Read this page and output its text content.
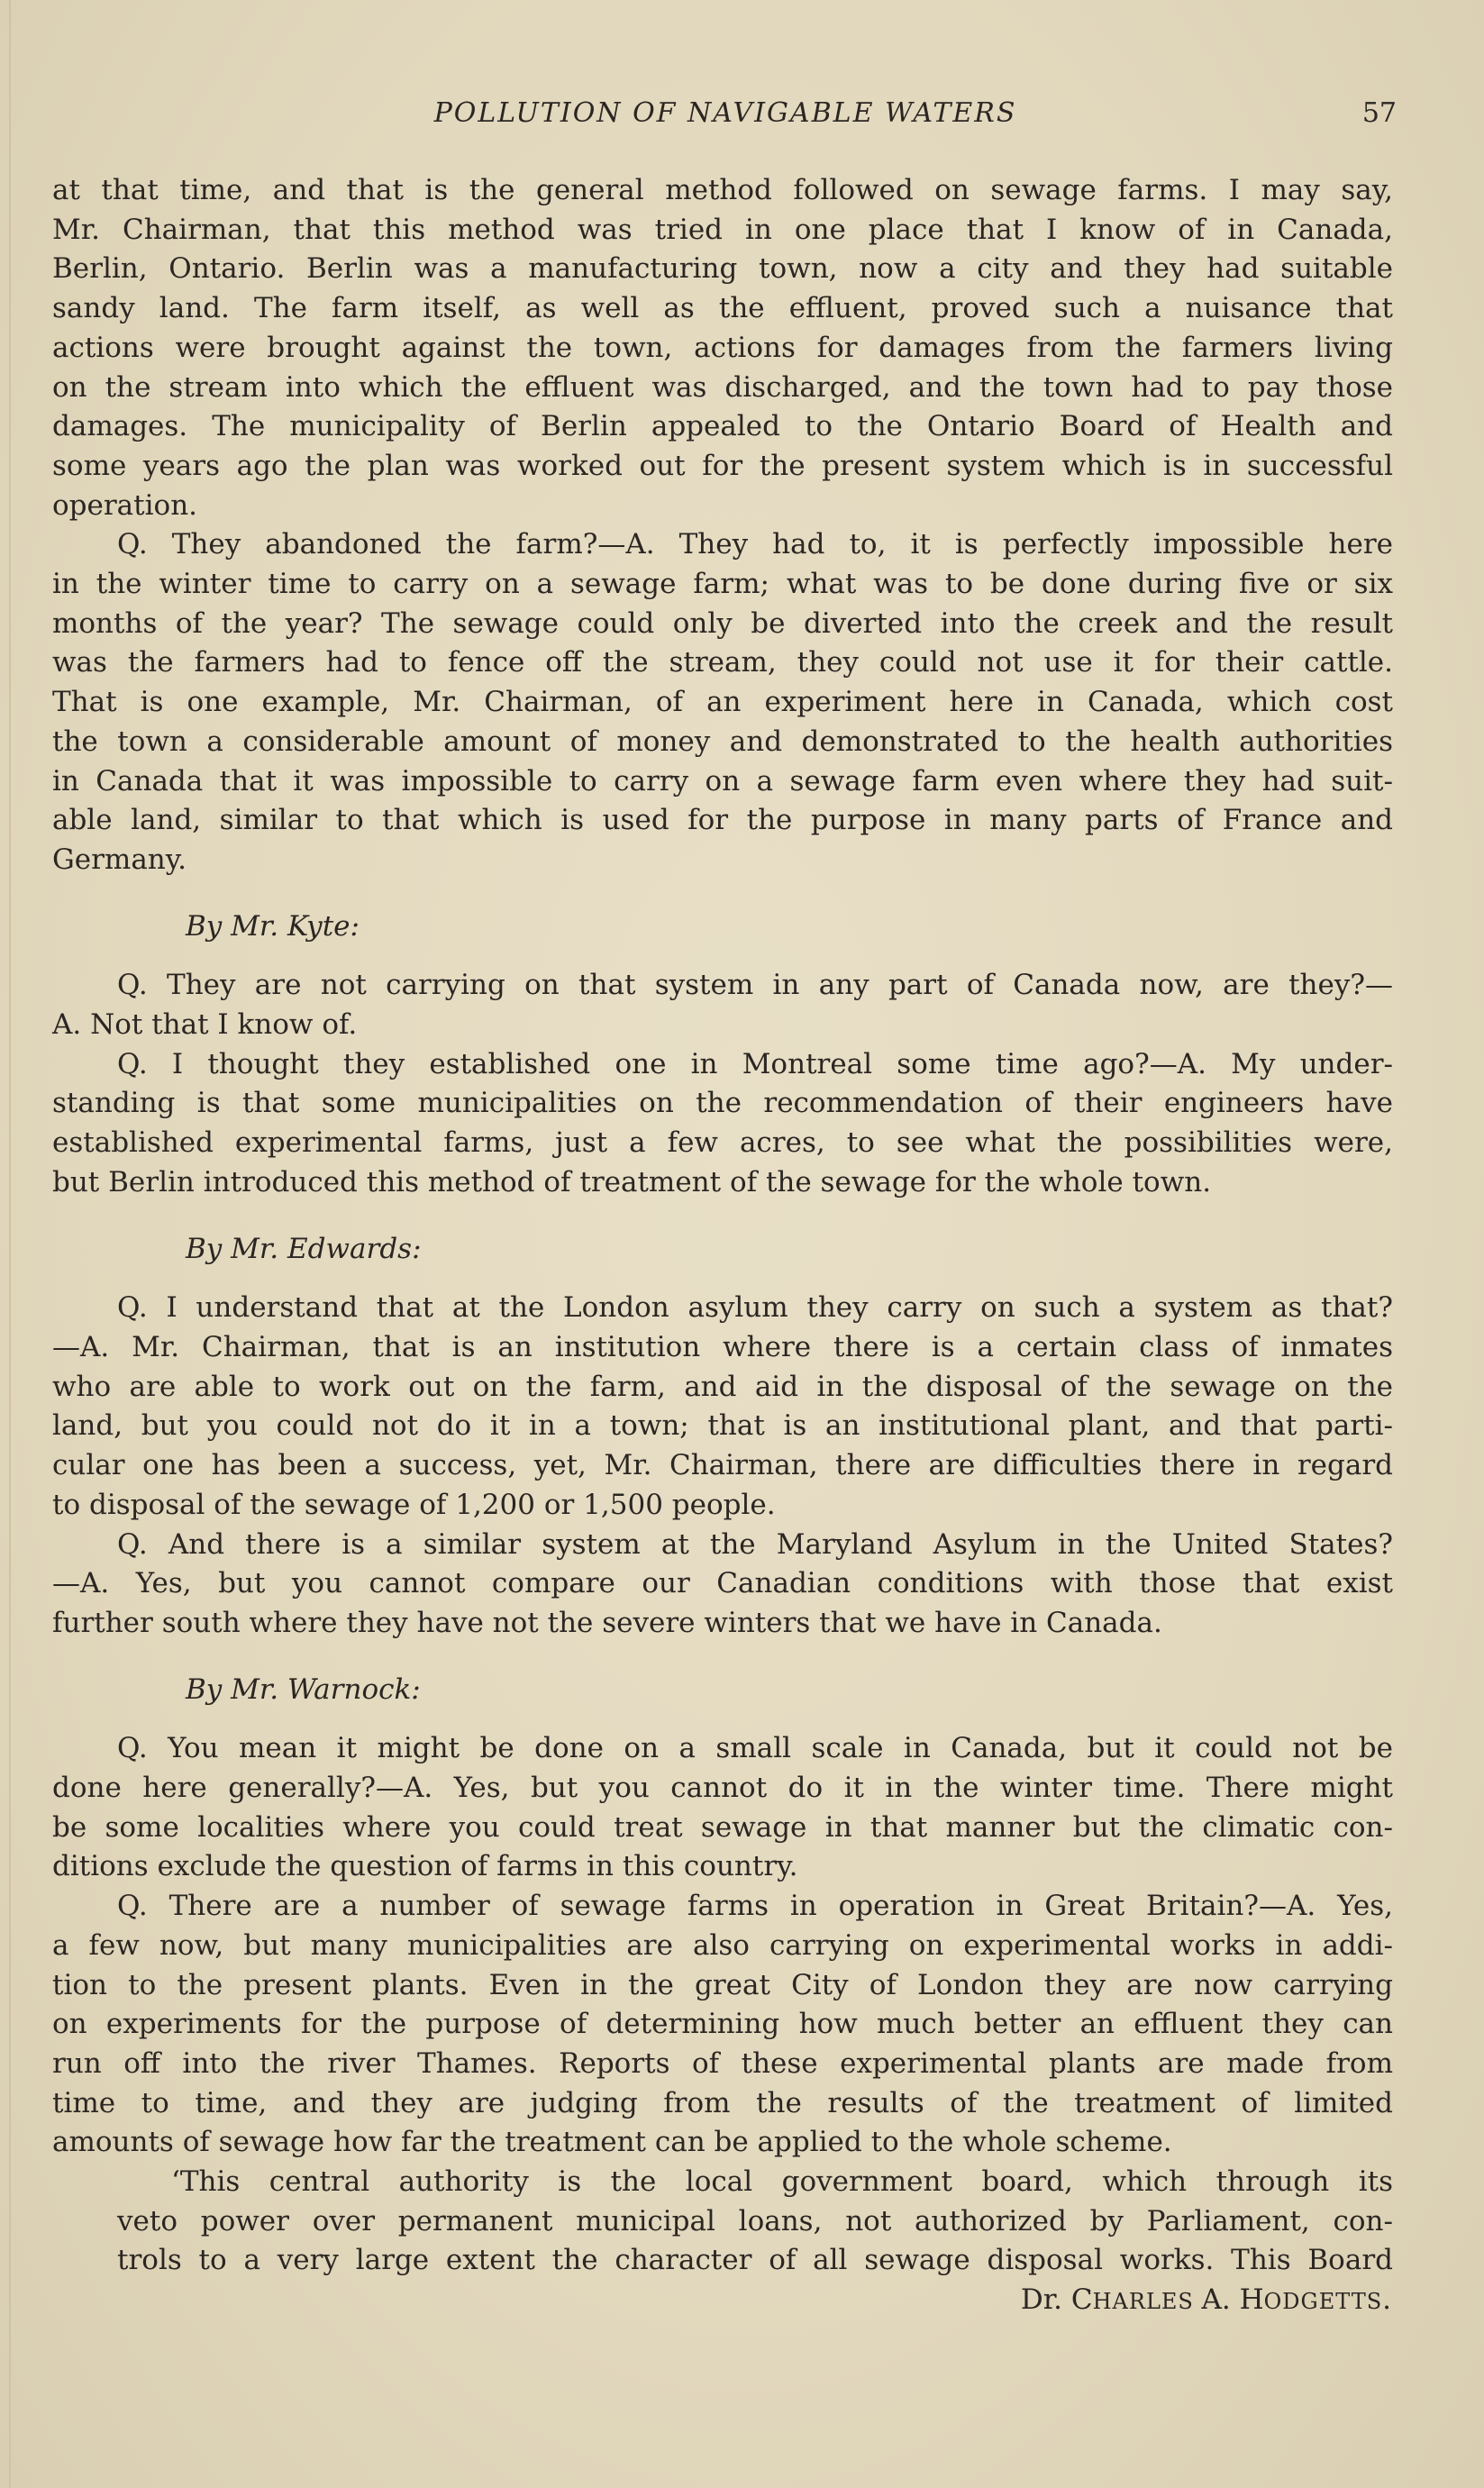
POLLUTION OF NAVIGABLE WATERS	57
at that time, and that is the general method followed on sewage farms. I may say,
Mr. Chairman, that this method was tried in one place that I know of in Canada,
Berlin, Ontario. Berlin was a manufacturing town, now a city and they had suitable
sandy land. The farm itself, as well as the effluent, proved such a nuisance that
actions were brought against the town, actions for damages from the farmers living
on the stream into which the effluent was discharged, and the town had to pay those
damages. The municipality of Berlin appealed to the Ontario Board of Health and
some years ago the plan was worked out for the present system which is in successful
operation.
Q. They abandoned the farm?—A. They had to, it is perfectly impossible here
in the winter time to carry on a sewage farm; what was to be done during five or six
months of the year? The sewage could only be diverted into the creek and the result
was the farmers had to fence off the stream, they could not use it for their cattle.
That is one example, Mr. Chairman, of an experiment here in Canada, which cost
the town a considerable amount of money and demonstrated to the health authorities
in Canada that it was impossible to carry on a sewage farm even where they had suit-
able land, similar to that which is used for the purpose in many parts of France and
Germany.
By Mr. Kyte:
Q. They are not carrying on that system in any part of Canada now, are they?—
A. Not that I know of.
Q. I thought they established one in Montreal some time ago?—A. My under-
standing is that some municipalities on the recommendation of their engineers have
established experimental farms, just a few acres, to see what the possibilities were,
but Berlin introduced this method of treatment of the sewage for the whole town.
By Mr. Edwards:
Q. I understand that at the London asylum they carry on such a system as that?
—A. Mr. Chairman, that is an institution where there is a certain class of inmates
who are able to work out on the farm, and aid in the disposal of the sewage on the
land, but you could not do it in a town; that is an institutional plant, and that parti-
cular one has been a success, yet, Mr. Chairman, there are difficulties there in regard
to disposal of the sewage of 1,200 or 1,500 people.
Q. And there is a similar system at the Maryland Asylum in the United States?
—A. Yes, but you cannot compare our Canadian conditions with those that exist
further south where they have not the severe winters that we have in Canada.
By Mr. Warnock:
Q. You mean it might be done on a small scale in Canada, but it could not be
done here generally?—A. Yes, but you cannot do it in the winter time. There might
be some localities where you could treat sewage in that manner but the climatic con-
ditions exclude the question of farms in this country.
Q. There are a number of sewage farms in operation in Great Britain?—A. Yes,
a few now, but many municipalities are also carrying on experimental works in addi-
tion to the present plants. Even in the great City of London they are now carrying
on experiments for the purpose of determining how much better an effluent they can
run off into the river Thames. Reports of these experimental plants are made from
time to time, and they are judging from the results of the treatment of limited
amounts of sewage how far the treatment can be applied to the whole scheme.
‘This central authority is the local government board, which through its
veto power over permanent municipal loans, not authorized by Parliament, con-
trols to a very large extent the character of all sewage disposal works. This Board
Dr. CHARLES A. HODGETTS.
